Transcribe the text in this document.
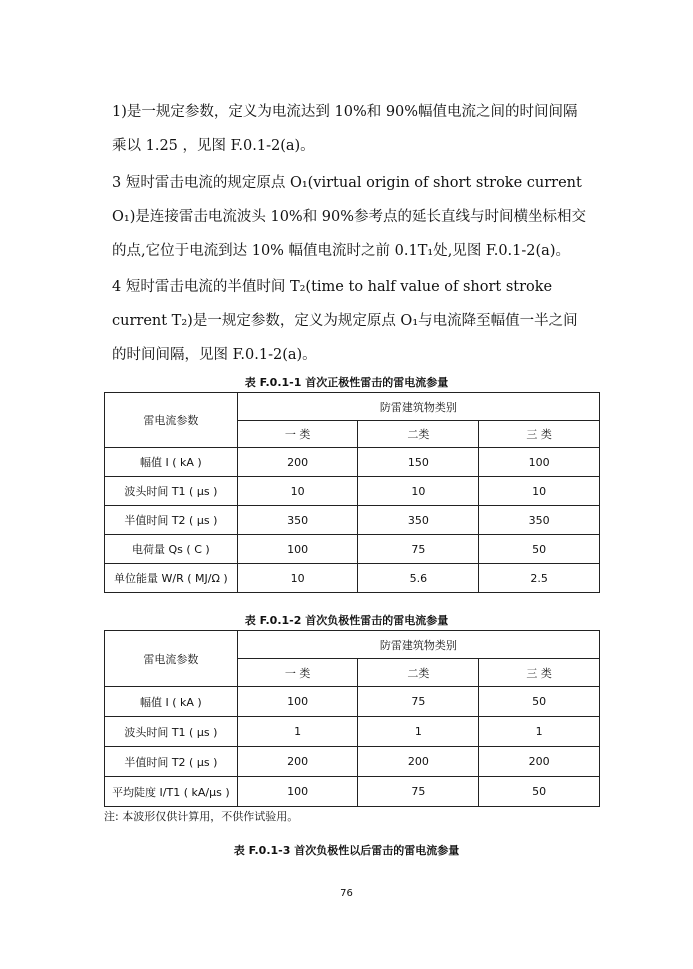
1)是一规定参数，定义为电流达到 10%和 90%幅值电流之间的时间间隔
乘以 1.25 ，见图 F.0.1-2(a)。
3 短时雷击电流的规定原点 O₁(virtual origin of short stroke current
O₁)是连接雷击电流波头 10%和 90%参考点的延长直线与时间横坐标相交
的点,它位于电流到达 10% 幅值电流时之前 0.1T₁处,见图 F.0.1-2(a)。
4 短时雷击电流的半值时间 T₂(time to half value of short stroke
current T₂)是一规定参数，定义为规定原点 O₁与电流降至幅值一半之间
的时间间隔，见图 F.0.1-2(a)。
表 F.0.1-1 首次正极性雷击的雷电流参量
雷电流参数	防雷建筑物类别		
	一 类	二类	三 类
幅值 I ( kA )	200	150	100
波头时间 T1 ( μs )	10	10	10
半值时间 T2 ( μs )	350	350	350
电荷量 Qs ( C )	100	75	50
单位能量 W/R ( MJ/Ω )	10	5.6	2.5
表 F.0.1-2 首次负极性雷击的雷电流参量
雷电流参数	防雷建筑物类别		
	一 类	二类	三 类
幅值 I ( kA )	100	75	50
波头时间 T1 ( μs )	1	1	1
半值时间 T2 ( μs )	200	200	200
平均陡度 I/T1 ( kA/μs )	100	75	50
注: 本波形仅供计算用，不供作试验用。
表 F.0.1-3 首次负极性以后雷击的雷电流参量
76
